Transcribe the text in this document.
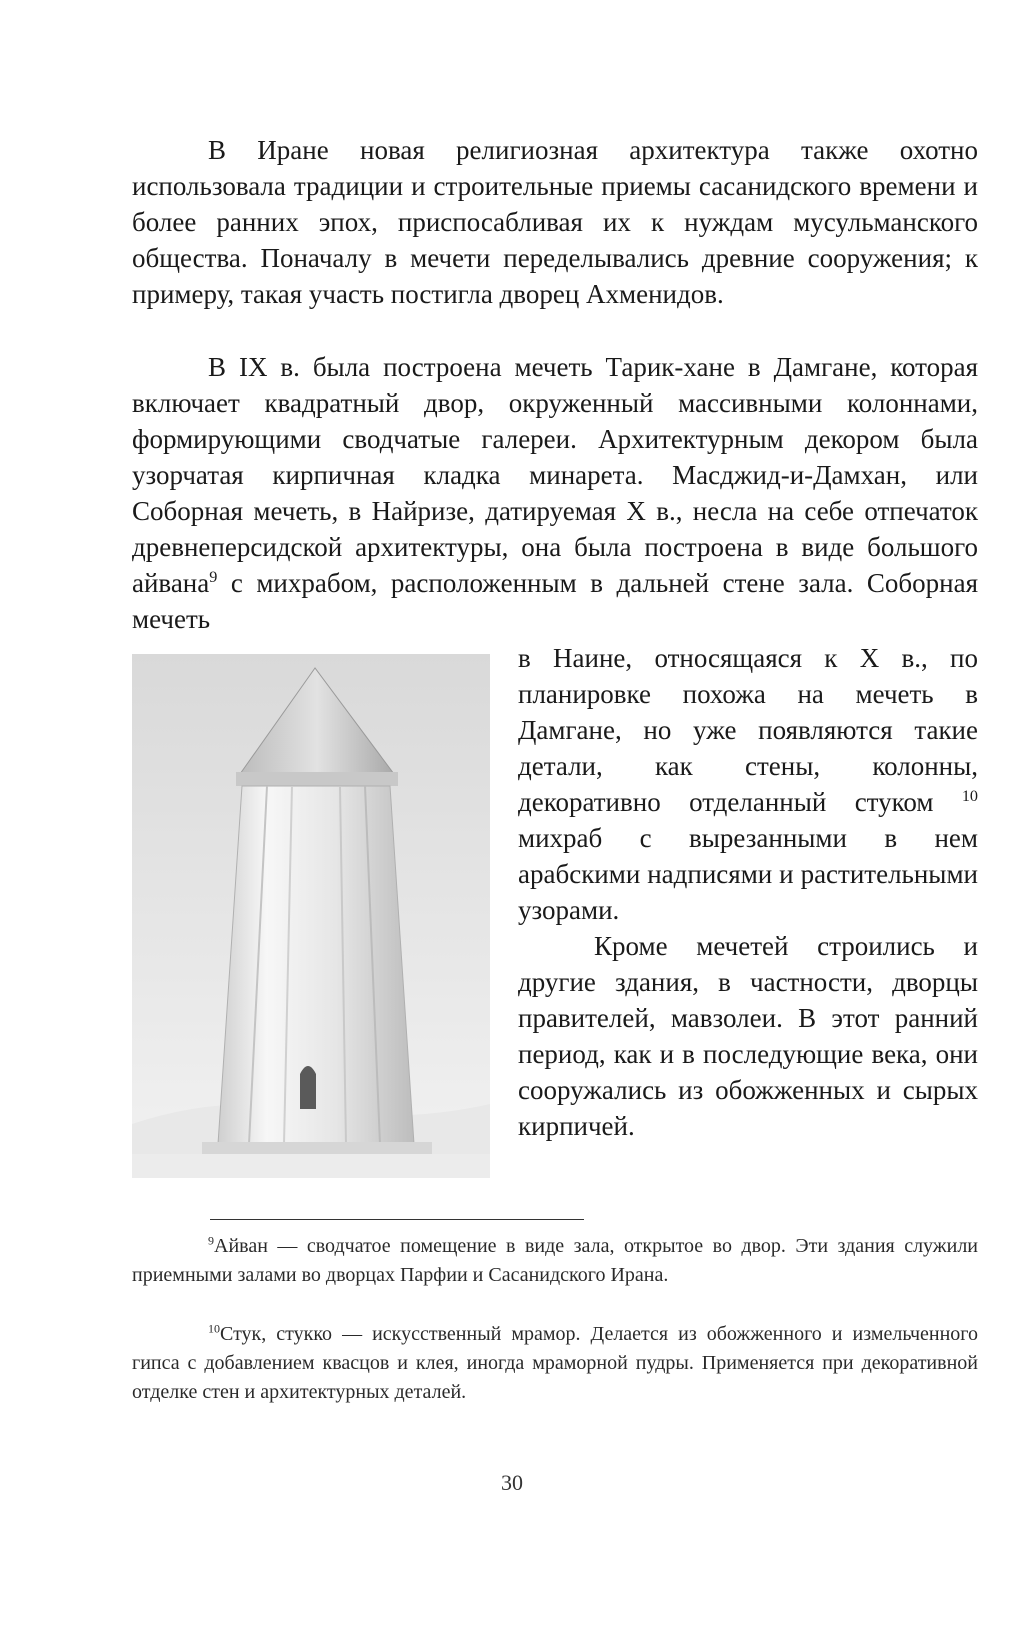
В Иране новая религиозная архитектура также охотно использовала традиции и строительные приемы сасанидского времени и более ранних эпох, приспосабливая их к нуждам мусульманского общества. Поначалу в мечети переделывались древние сооружения; к примеру, такая участь постигла дворец Ахменидов.

В IX в. была построена мечеть Тарик-хане в Дамгане, которая включает квадратный двор, окруженный массивными колоннами, формирующими сводчатые галереи. Архитектурным декором была узорчатая кирпичная кладка минарета. Масджид-и-Дамхан, или Соборная мечеть, в Найризе, датируемая X в., несла на себе отпечаток древнеперсидской архитектуры, она была построена в виде большого айвана$^9$ с михрабом, расположенным в дальней стене зала. Соборная мечеть

в Наине, относящаяся к X в., по планировке похожа на мечеть в Дамгане, но уже появляются такие детали, как стены, колонны, декоративно отделанный стуком $^{10}$ михраб с вырезанными в нем арабскими надписями и растительными узорами.

Кроме мечетей строились и другие здания, в частности, дворцы правителей, мавзолеи. В этот ранний период, как и в последующие века, они сооружались из обожженных и сырых кирпичей.

$^9$Айван — сводчатое помещение в виде зала, открытое во двор. Эти здания служили приемными залами во дворцах Парфии и Сасанидского Ирана.

$^{10}$Стук, стукко — искусственный мрамор. Делается из обожженного и измельченного гипса с добавлением квасцов и клея, иногда мраморной пудры. Применяется при декоративной отделке стен и архитектурных деталей.

30
